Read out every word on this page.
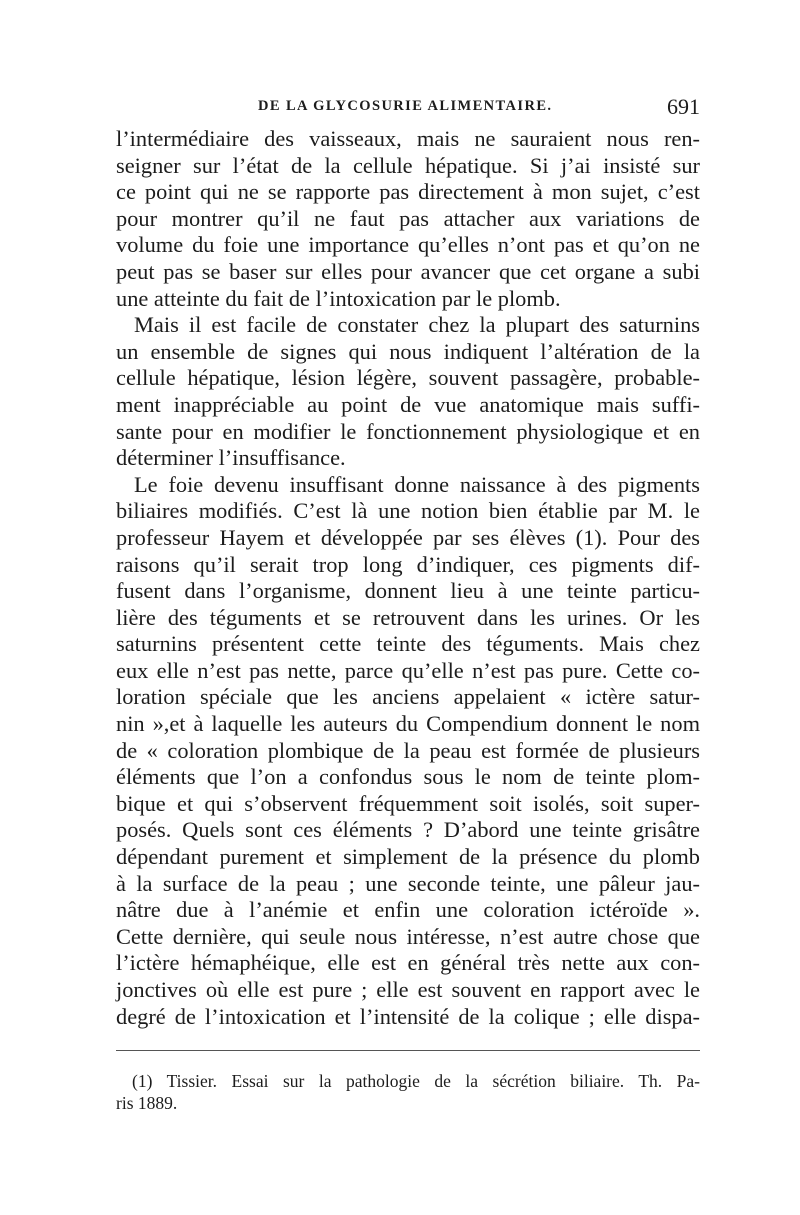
DE LA GLYCOSURIE ALIMENTAIRE.	691

l’intermédiaire des vaisseaux, mais ne sauraient nous ren-

seigner sur l’état de la cellule hépatique. Si j’ai insisté sur

ce point qui ne se rapporte pas directement à mon sujet, c’est

pour montrer qu’il ne faut pas attacher aux variations de

volume du foie une importance qu’elles n’ont pas et qu’on ne

peut pas se baser sur elles pour avancer que cet organe a subi

une atteinte du fait de l’intoxication par le plomb.

Mais il est facile de constater chez la plupart des saturnins

un ensemble de signes qui nous indiquent l’altération de la

cellule hépatique, lésion légère, souvent passagère, probable-

ment inappréciable au point de vue anatomique mais suffi-

sante pour en modifier le fonctionnement physiologique et en

déterminer l’insuffisance.

Le foie devenu insuffisant donne naissance à des pigments

biliaires modifiés. C’est là une notion bien établie par M. le

professeur Hayem et développée par ses élèves (1). Pour des

raisons qu’il serait trop long d’indiquer, ces pigments dif-

fusent dans l’organisme, donnent lieu à une teinte particu-

lière des téguments et se retrouvent dans les urines. Or les

saturnins présentent cette teinte des téguments. Mais chez

eux elle n’est pas nette, parce qu’elle n’est pas pure. Cette co-

loration spéciale que les anciens appelaient « ictère satur-

nin »,et à laquelle les auteurs du Compendium donnent le nom

de « coloration plombique de la peau est formée de plusieurs

éléments que l’on a confondus sous le nom de teinte plom-

bique et qui s’observent fréquemment soit isolés, soit super-

posés. Quels sont ces éléments ? D’abord une teinte grisâtre

dépendant purement et simplement de la présence du plomb

à la surface de la peau ; une seconde teinte, une pâleur jau-

nâtre due à l’anémie et enfin une coloration ictéroïde ».

Cette dernière, qui seule nous intéresse, n’est autre chose que

l’ictère hémaphéique, elle est en général très nette aux con-

jonctives où elle est pure ; elle est souvent en rapport avec le

degré de l’intoxication et l’intensité de la colique ; elle dispa-

(1) Tissier. Essai sur la pathologie de la sécrétion biliaire. Th. Pa-

ris 1889.
